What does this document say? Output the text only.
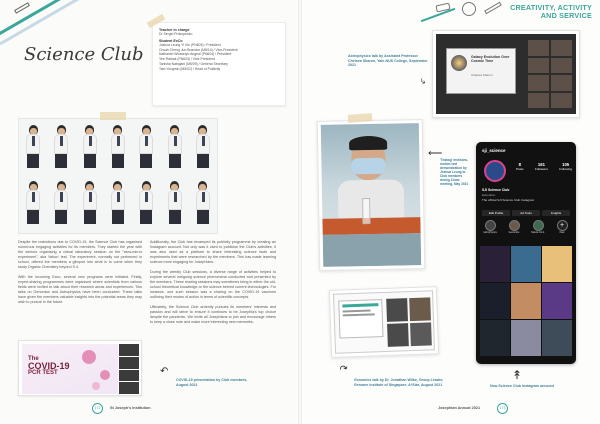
CREATIVITY, ACTIVITY
AND SERVICE
Science Club
Teacher in charge
Dr Sergei Prokopenko
Student ExCo
Joshua Leung Yi Xin (PN603) / President
Chuah Cheng Jun Brandon (M8/14) / Vice-President
Nathaniel Wirasetyo Angeal (PN604) / President
Yee Rathak (PN603) / Vice-President
Tanisha Nabajani (M5/09) / General Secretary
Tam Yongmin (M5/02) / Head of Publicity
Despite the restrictions due to COVID-19, the Science Club has organised numerous engaging activities for its members. They started the year with the seniors organising a virtual laboratory session on the "slow-mirror experiment", aka 'falcon' test. The experiment, normally not performed in school, offered the members a glimpse into what is to come when they study Organic Chemistry beyond S.4.

With the incoming Exco, several new programs were initiated. Firstly, expert-sharing programmes were organised where scientists from various fields were invited to talk about their research areas and experiences. Two talks on Genomics and Astrophysics have been conducted. These talks have given the members valuable insights into the potential areas they may wish to pursue in the future.
Additionally, the Club has revamped its publicity programme by creating an Instagram account. Not only was it used to publicise the Club's activities, it was also used as a platform to share interesting science facts and experiments that were researched by the members. This has made learning science more engaging for Josephians.

During the weekly Club sessions, a diverse range of activities helped to explore several intriguing science phenomena conducted and presented by the members. These sharing sessions may sometimes bring in either the old-school theoretical knowledge or the science behind current technologies. For instance, one such session was a sharing on the COVID-19 vaccines outlining their modes of action in terms of scientific concepts.

Ultimately, the Science Club ardently pursues its members' interests and passion and will strive to ensure it continues to be Josephia's top choice despite the pandemic. We invite all Josephians to join and encourage others to keep a close note and make more interesting new memories.
The
COVID-19
PCR TEST	↶
COVID-19 presentation by Club members, August 2021
172	St Joseph's Institution	Josephian Annual 2021	173
Astrophysics talk by Assistant Professor Chelsea Sharon, Yale-NUS College, September 2021
⤷
Galaxy Evolution Over Cosmic Time
Chelsea Sharon
⟵
'Teabag' test/slow-motion test demonstration by Joshua Leung to Club members during Zoom meeting, May 2021
sji_science
8
Posts
161
Followers
105
Following
SJI Science Club
Education
The official SJI Science Club Instagram
Edit Profile	Ad Tools	Insights
Astrophysics	Genomics	Nature Cont.
+
New
↟
New Science Club Instagram account
↷
Genomics talk by Dr. Jonathan Wilke, Group Leader, Genome Institute of Singapore, A*Star, August 2021
